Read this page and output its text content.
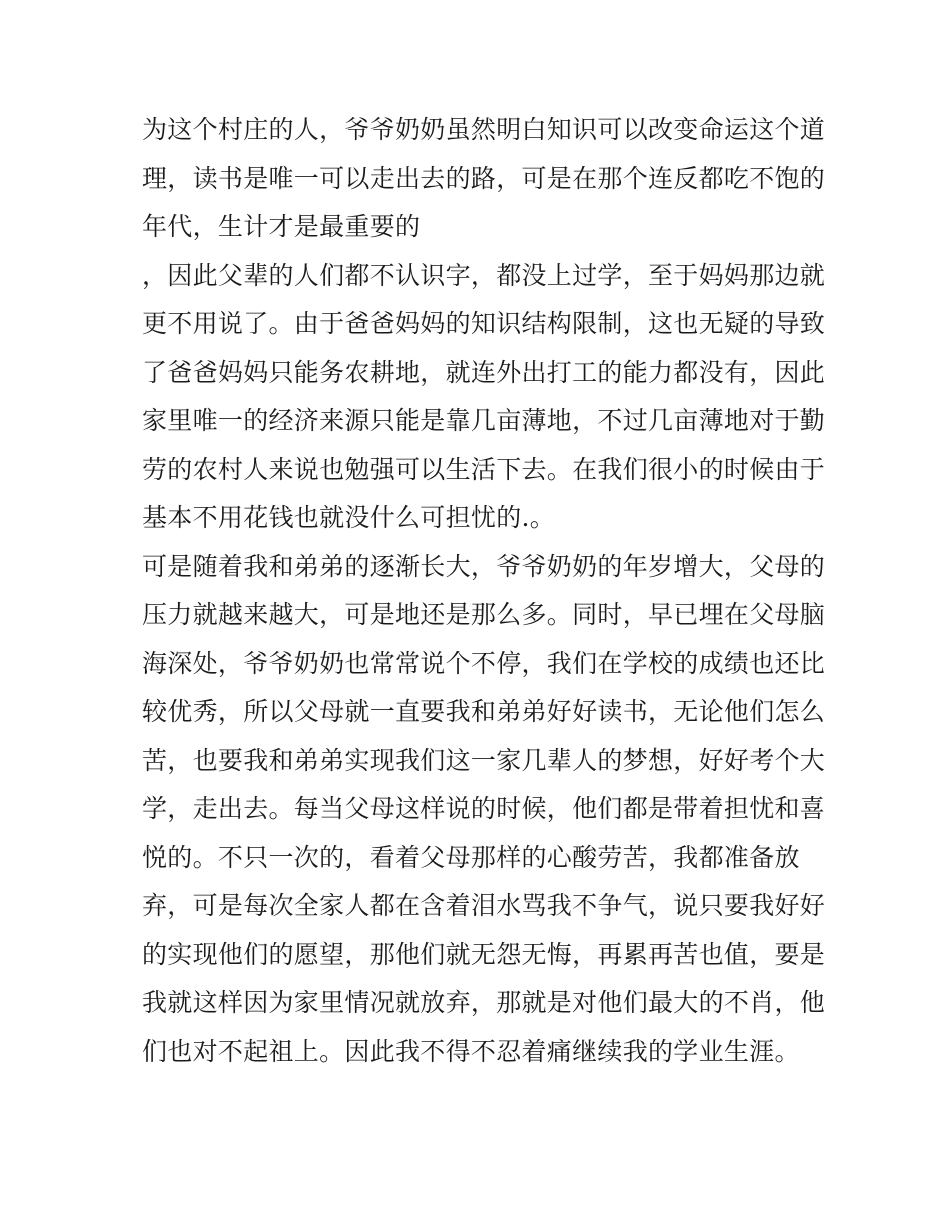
为这个村庄的人，爷爷奶奶虽然明白知识可以改变命运这个道
理，读书是唯一可以走出去的路，可是在那个连反都吃不饱的
年代，生计才是最重要的
，因此父辈的人们都不认识字，都没上过学，至于妈妈那边就
更不用说了。由于爸爸妈妈的知识结构限制，这也无疑的导致
了爸爸妈妈只能务农耕地，就连外出打工的能力都没有，因此
家里唯一的经济来源只能是靠几亩薄地，不过几亩薄地对于勤
劳的农村人来说也勉强可以生活下去。在我们很小的时候由于
基本不用花钱也就没什么可担忧的.。
可是随着我和弟弟的逐渐长大，爷爷奶奶的年岁增大，父母的
压力就越来越大，可是地还是那么多。同时，早已埋在父母脑
海深处，爷爷奶奶也常常说个不停，我们在学校的成绩也还比
较优秀，所以父母就一直要我和弟弟好好读书，无论他们怎么
苦，也要我和弟弟实现我们这一家几辈人的梦想，好好考个大
学，走出去。每当父母这样说的时候，他们都是带着担忧和喜
悦的。不只一次的，看着父母那样的心酸劳苦，我都准备放
弃，可是每次全家人都在含着泪水骂我不争气，说只要我好好
的实现他们的愿望，那他们就无怨无悔，再累再苦也值，要是
我就这样因为家里情况就放弃，那就是对他们最大的不肖，他
们也对不起祖上。因此我不得不忍着痛继续我的学业生涯。
